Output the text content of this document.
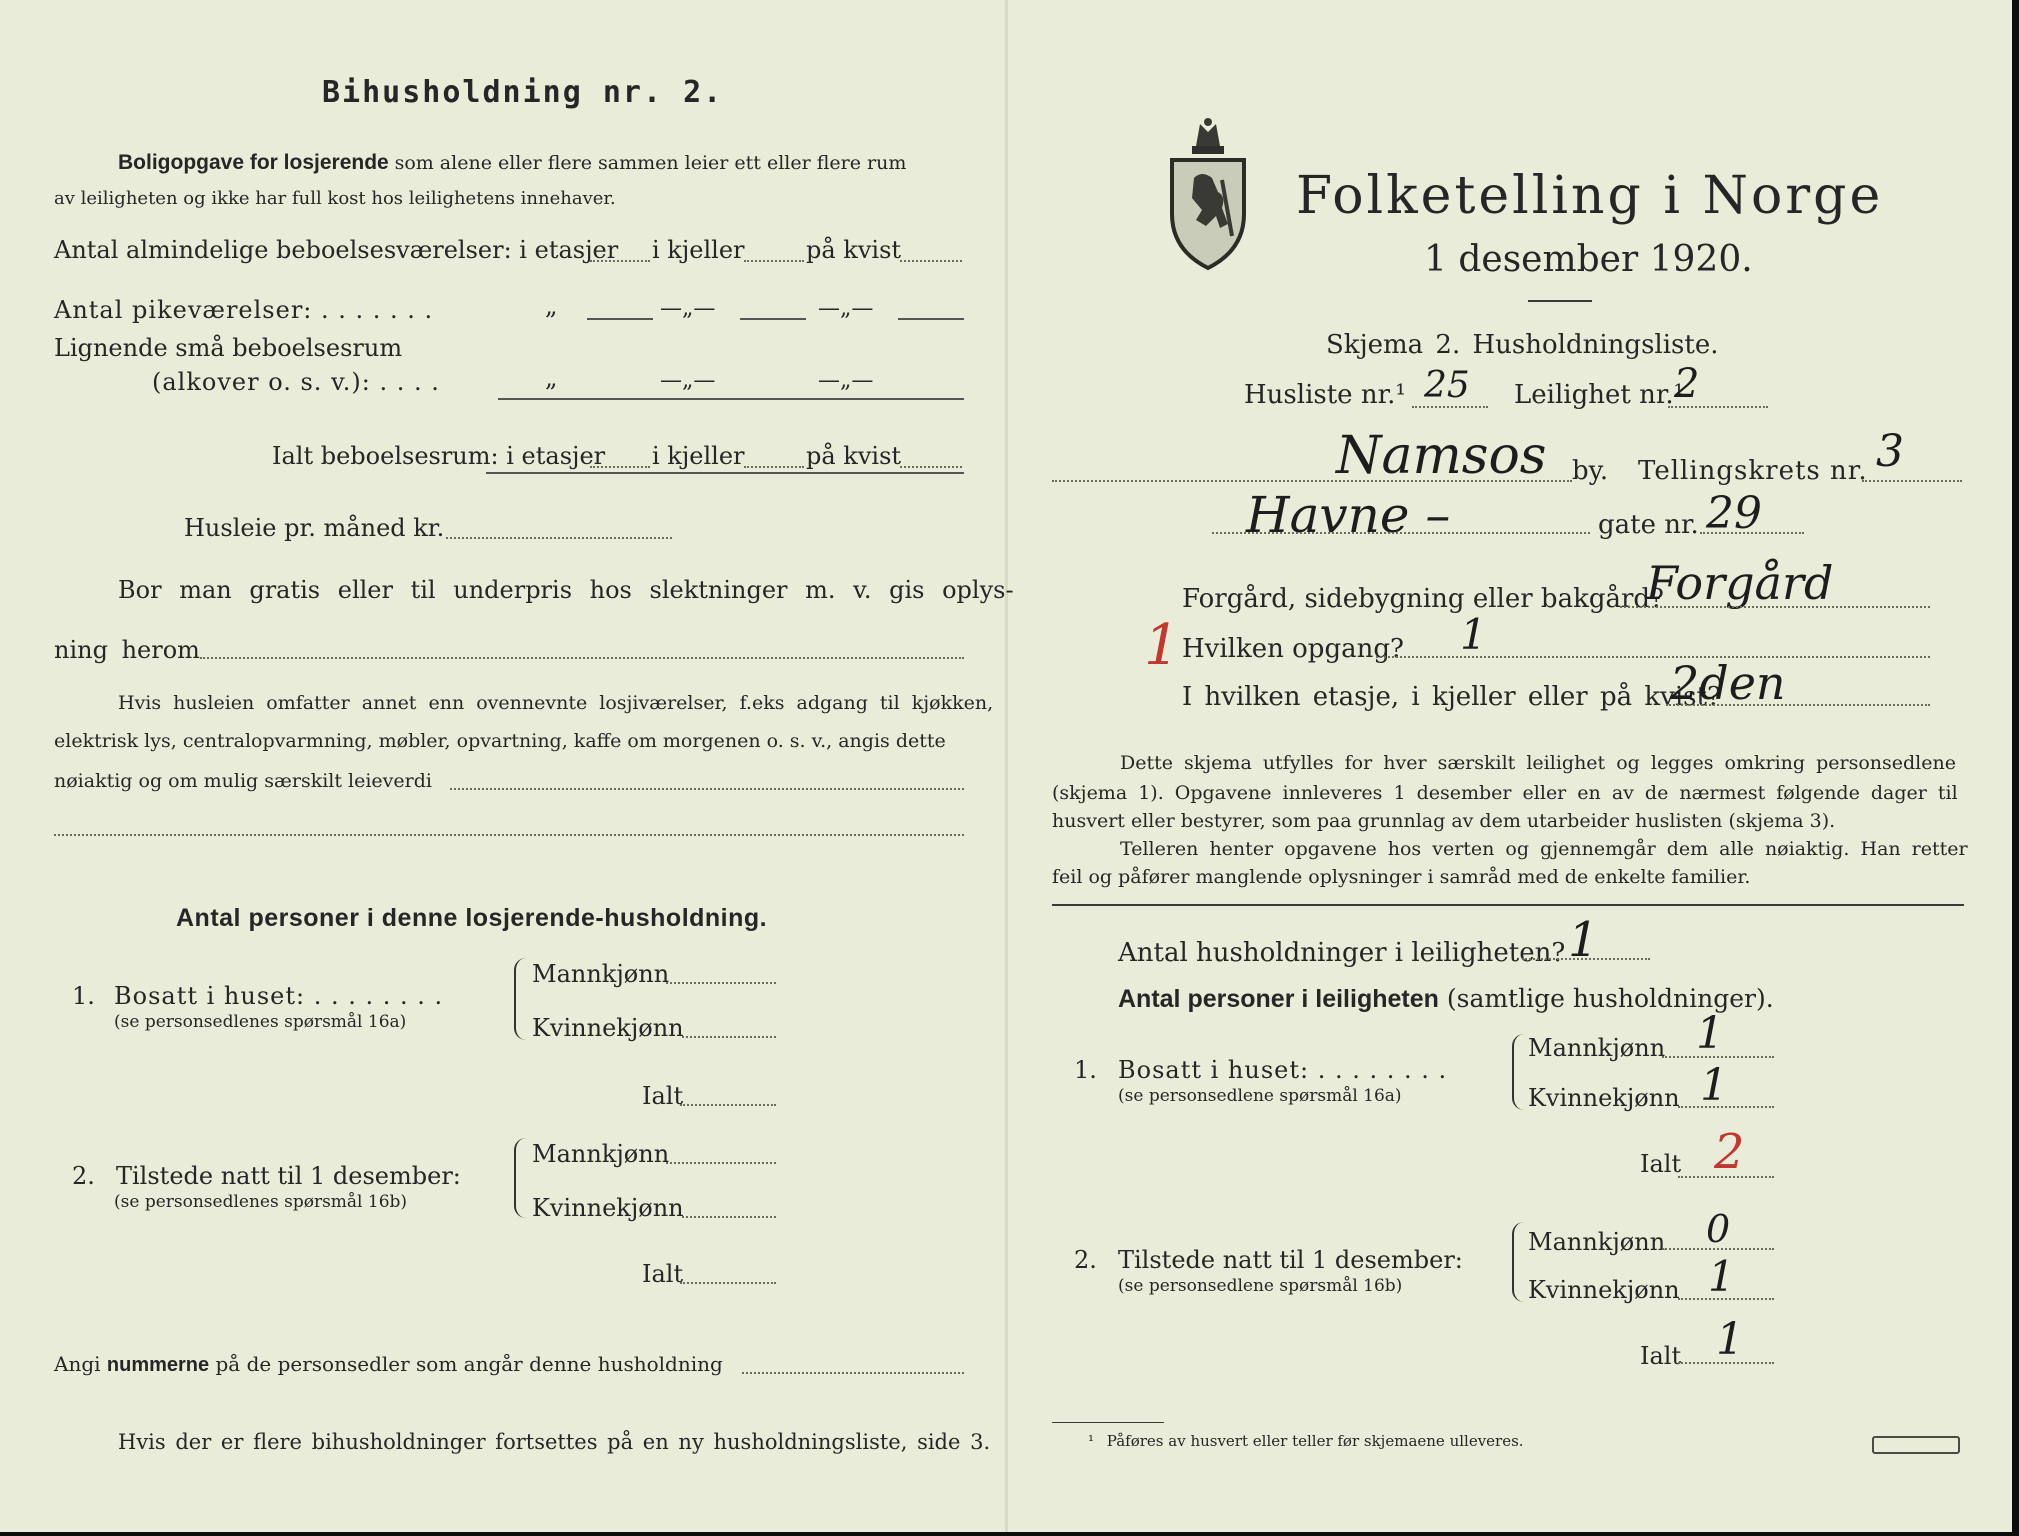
Bihusholdning nr. 2.
Boligopgave for losjerende som alene eller flere sammen leier ett eller flere rum
av leiligheten og ikke har full kost hos leilighetens innehaver.
Antal almindelige beboelsesværelser: i etasjer i kjeller	på kvist
Antal pikeværelser: . . . . . . .	„	—„—	—„—
Lignende små beboelsesrum
(alkover o. s. v.): . . . .	„	—„—	—„—
Ialt beboelsesrum: i etasjer i kjeller	på kvist
Husleie pr. måned kr.
Bor man gratis eller til underpris hos slektninger m. v. gis oplys-
ning herom
Hvis husleien omfatter annet enn ovennevnte losjiværelser, f.eks adgang til kjøkken,
elektrisk lys, centralopvarmning, møbler, opvartning, kaffe om morgenen o. s. v., angis dette
nøiaktig og om mulig særskilt leieverdi
Antal personer i denne losjerende-husholdning.
1. Bosatt i huset: . . . . . . . .
(se personsedlenes spørsmål 16a)
Mannkjønn
Kvinnekjønn
Ialt
2. Tilstede natt til 1 desember:
(se personsedlenes spørsmål 16b)
Mannkjønn
Kvinnekjønn
Ialt
Angi nummerne på de personsedler som angår denne husholdning
Hvis der er flere bihusholdninger fortsettes på en ny husholdningsliste, side 3.
Folketelling i Norge
1 desember 1920.
Skjema 2. Husholdningsliste.
Husliste nr.¹ 25 Leilighet nr.¹
2
Namsos by. Tellingskrets nr. 3
Havne –	gate nr. 29
Forgård, sidebygning eller bakgård?
Forgård
1 Hvilken opgang? 1
I hvilken etasje, i kjeller eller på kvist?
2den
Dette skjema utfylles for hver særskilt leilighet og legges omkring personsedlene
(skjema 1). Opgavene innleveres 1 desember eller en av de nærmest følgende dager til
husvert eller bestyrer, som paa grunnlag av dem utarbeider huslisten (skjema 3).
Telleren henter opgavene hos verten og gjennemgår dem alle nøiaktig. Han retter
feil og påfører manglende oplysninger i samråd med de enkelte familier.
Antal husholdninger i leiligheten? 1
Antal personer i leiligheten (samtlige husholdninger).
1. Bosatt i huset: . . . . . . . .
(se personsedlene spørsmål 16a)
Mannkjønn 1
Kvinnekjønn 1
Ialt 2
2. Tilstede natt til 1 desember:
(se personsedlene spørsmål 16b)
Mannkjønn 0
Kvinnekjønn 1
Ialt 1
¹ Påføres av husvert eller teller før skjemaene ulleveres.
